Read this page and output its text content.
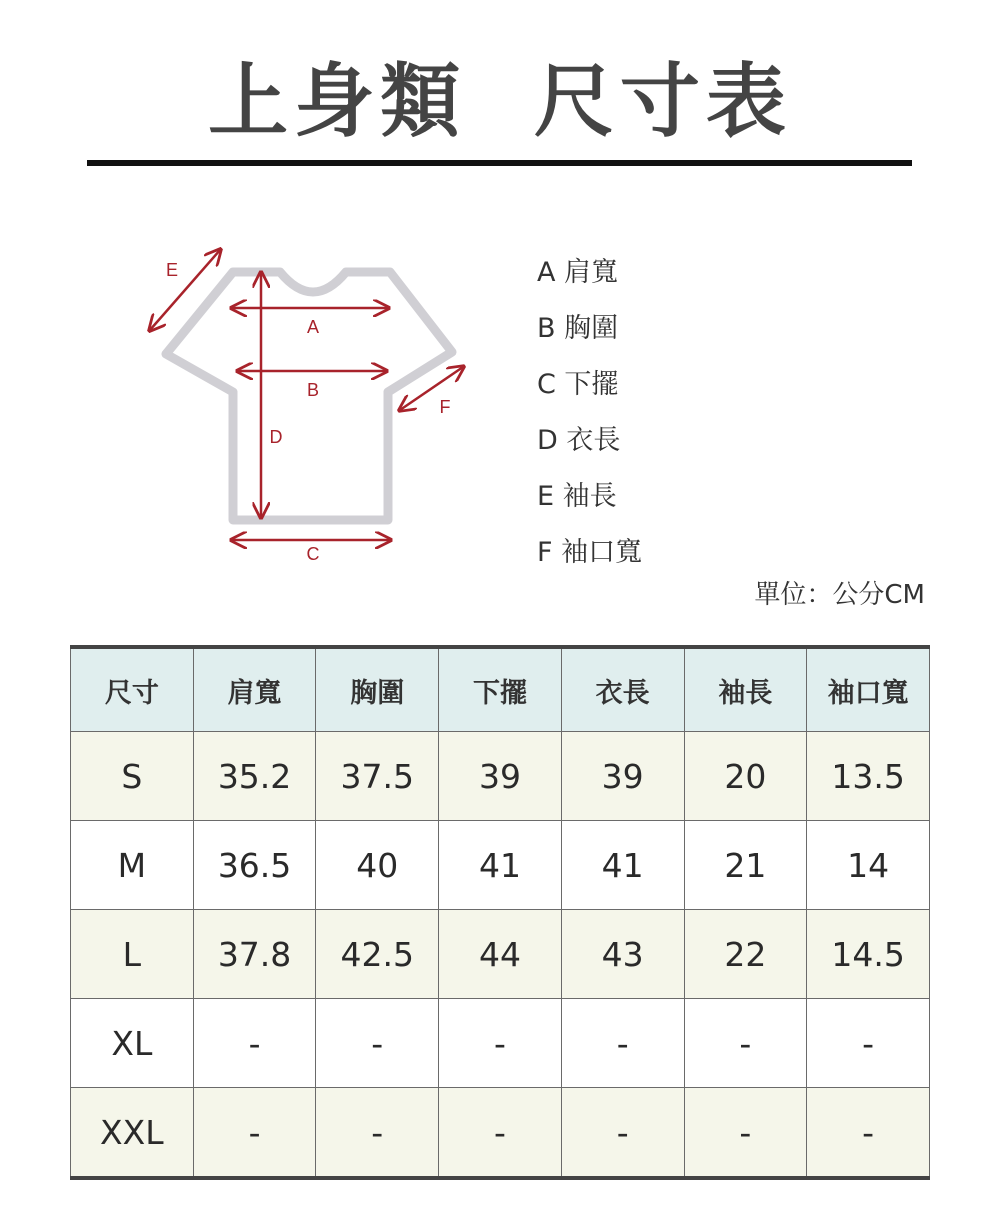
上身類  尺寸表
E
A
B
F
D
C
A 肩寬
B 胸圍
C 下擺
D 衣長
E 袖長
F 袖口寬
單位：公分CM
尺寸	肩寬	胸圍	下擺	衣長	袖長	袖口寬
S	35.2	37.5	39	39	20	13.5
M	36.5	40	41	41	21	14
L	37.8	42.5	44	43	22	14.5
XL	-	-	-	-	-	-
XXL	-	-	-	-	-	-
